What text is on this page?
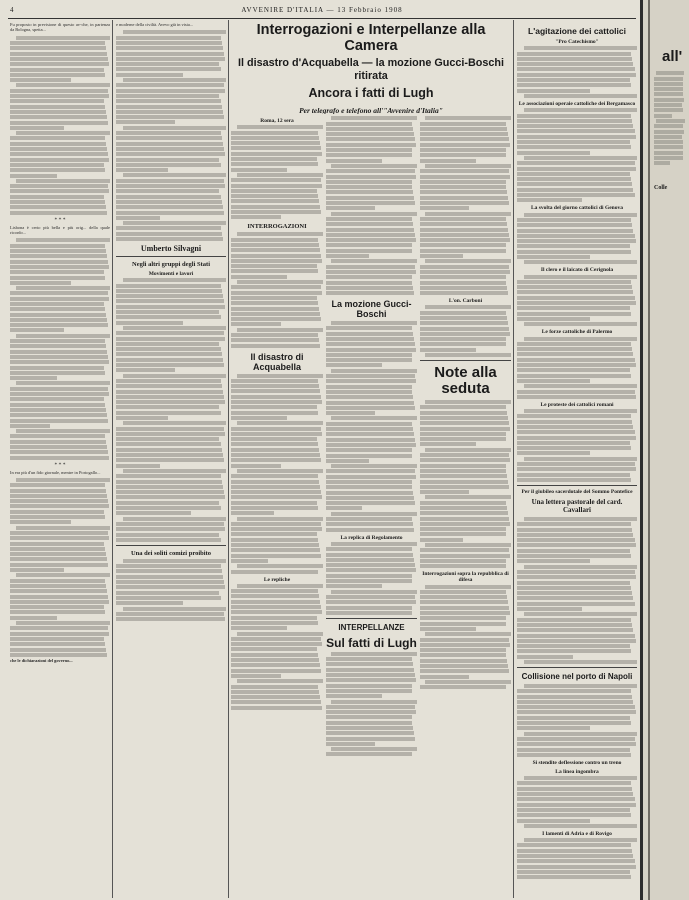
4	AVVENIRE D'ITALIA — 13 Febbraio 1908

Fu proposto in previsione di questo av-che, in partenza da Bologna, spetta...

* * *

Lisbona è certo più bella e più orig... della quale ricordo...

* * *

In era più d'un fido giornale, mentre in Portogallo...

che le dichiarazioni del governo...

e moderne della civiltà. Avevo già in vista...

Umberto Silvagni
Negli altri gruppi degli Stati
Movimenti e lavori
Una dei soliti comizi proibito

Interrogazioni e Interpellanze alla Camera

Il disastro d'Acquabella — la mozione Gucci-Boschi ritirata

Ancora i fatti di Lugh

Per telegrafo e telefono all'"Avvenire d'Italia"
Roma, 12 sera
INTERROGAZIONI
Il disastro di Acquabella
Le repliche
La mozione Gucci-Boschi
La replica di Regolamento
INTERPELLANZE
Sul fatti di Lugh
L'on. Carboni
Note alla seduta
Interrogazioni sopra la repubblica di difesa
L'agitazione dei cattolici
"Pro Catechismo"
Le associazioni operaie cattoliche dei Bergamasco
La svolta del giorno cattolici di Genova
Il clero e il laicato di Cerignola
Le forze cattoliche di Palermo
Le proteste dei cattolici romani
Per il giubileo sacerdotale del Sommo Pontefice
Una lettera pastorale del card. Cavallari
Collisione nel porto di Napoli
Si stendite deflessione contro un treno
La linea ingombra
I lamenti di Adria e di Rovigo
all'
Colle
